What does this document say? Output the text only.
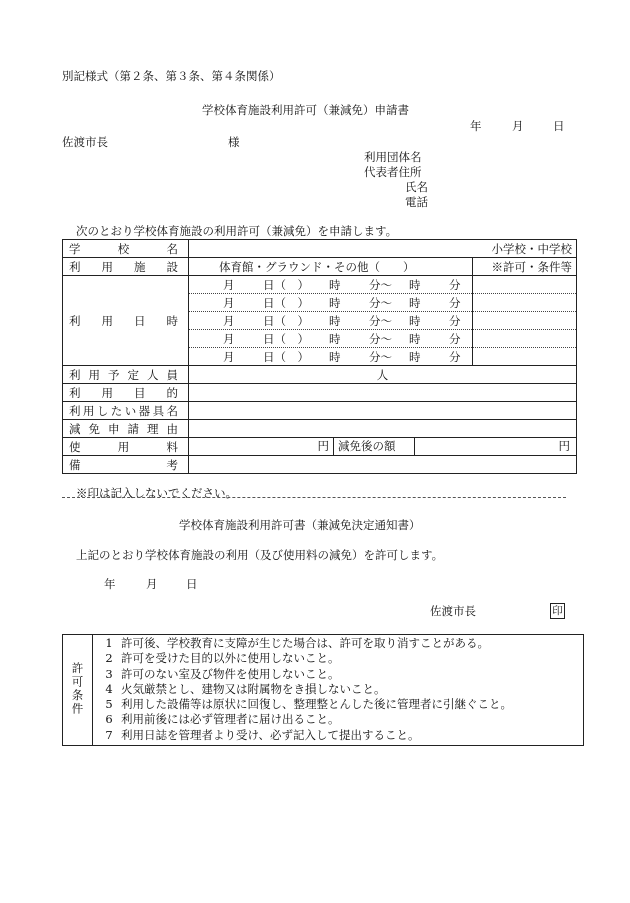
別記様式（第２条、第３条、第４条関係）
学校体育施設利用許可（兼減免）申請書
年	月	日
佐渡市長	様
利用団体名
代表者住所
氏名
電話
次のとおり学校体育施設の利用許可（兼減免）を申請します。
学　校　名	小学校・中学校	
利　用　施　設	体育館・グラウンド・その他（　　）	※許可・条件等
利　用　日　時	月 日（　） 時 分～ 時 分	
	月 日（　） 時 分～ 時 分	
	月 日（　） 時 分～ 時 分	
	月 日（　） 時 分～ 時 分	
	月 日（　） 時 分～ 時 分	
利用予定人員	人	
利　用　目　的		
利用したい器具名		
減免申請理由		
使　用　料	円 減免後の額 円	

備　　考		
※印は記入しないでください。
学校体育施設利用許可書（兼減免決定通知書）
上記のとおり学校体育施設の利用（及び使用料の減免）を許可します。
年	月 日
佐渡市長	印
許可条件	
1 許可後、学校教育に支障が生じた場合は、許可を取り消すことがある。
2 許可を受けた目的以外に使用しないこと。
3 許可のない室及び物件を使用しないこと。
4 火気厳禁とし、建物又は附属物をき損しないこと。
5 利用した設備等は原状に回復し、整理整とんした後に管理者に引継ぐこと。
6 利用前後には必ず管理者に届け出ること。
7 利用日誌を管理者より受け、必ず記入して提出すること。
